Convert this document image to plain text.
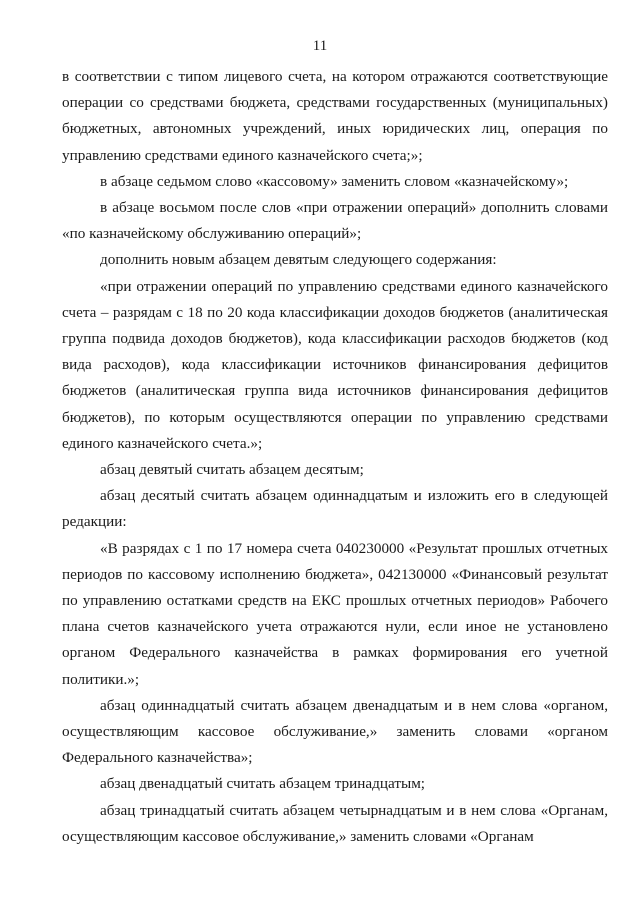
11

в соответствии с типом лицевого счета, на котором отражаются соответствующие операции со средствами бюджета, средствами государственных (муниципальных) бюджетных, автономных учреждений, иных юридических лиц, операция по управлению средствами единого казначейского счета;»;

в абзаце седьмом слово «кассовому» заменить словом «казначейскому»;

в абзаце восьмом после слов «при отражении операций» дополнить словами «по казначейскому обслуживанию операций»;

дополнить новым абзацем девятым следующего содержания:

«при отражении операций по управлению средствами единого казначейского счета – разрядам с 18 по 20 кода классификации доходов бюджетов (аналитическая группа подвида доходов бюджетов), кода классификации расходов бюджетов (код вида расходов), кода классификации источников финансирования дефицитов бюджетов (аналитическая группа вида источников финансирования дефицитов бюджетов), по которым осуществляются операции по управлению средствами единого казначейского счета.»;

абзац девятый считать абзацем десятым;

абзац десятый считать абзацем одиннадцатым и изложить его в следующей редакции:

«В разрядах с 1 по 17 номера счета 040230000 «Результат прошлых отчетных периодов по кассовому исполнению бюджета», 042130000 «Финансовый результат по управлению остатками средств на ЕКС прошлых отчетных периодов» Рабочего плана счетов казначейского учета отражаются нули, если иное не установлено органом Федерального казначейства в рамках формирования его учетной политики.»;

абзац одиннадцатый считать абзацем двенадцатым и в нем слова «органом, осуществляющим кассовое обслуживание,» заменить словами «органом Федерального казначейства»;

абзац двенадцатый считать абзацем тринадцатым;

абзац тринадцатый считать абзацем четырнадцатым и в нем слова «Органам, осуществляющим кассовое обслуживание,» заменить словами «Органам
